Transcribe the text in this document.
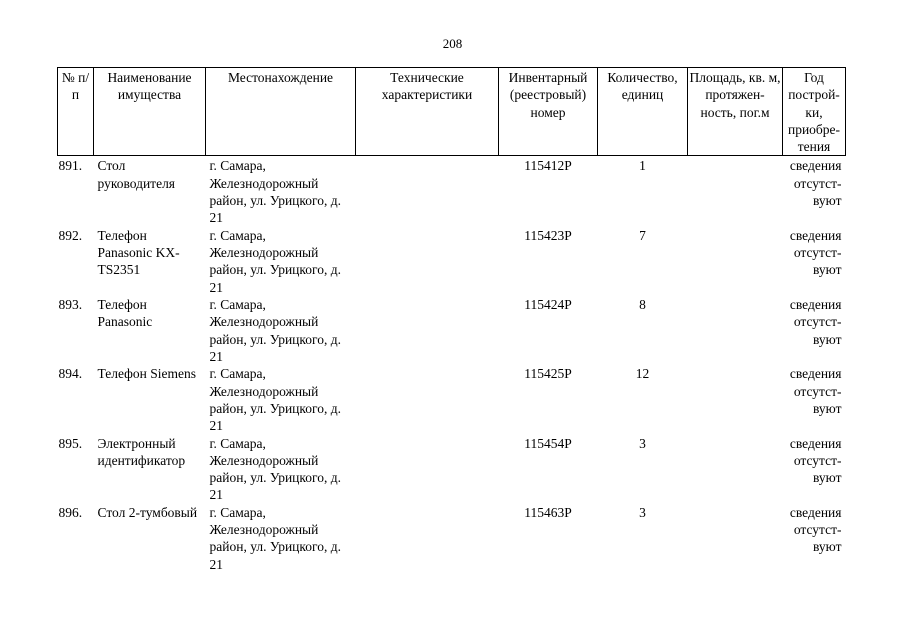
208
№ п/п	Наименование имущества	Местонахождение	Технические характеристики	Инвентарный (реестровый) номер	Количество, единиц	Площадь, кв. м, протяжен-ность, пог.м	Год построй-ки, приобре-тения
891.	Стол руководителя	г. Самара, Железнодорожный район, ул. Урицкого, д. 21		115412Р	1		сведения отсутст-вуют
892.	Телефон Panasonic KX-TS2351	г. Самара, Железнодорожный район, ул. Урицкого, д. 21		115423Р	7		сведения отсутст-вуют
893.	Телефон Panasonic	г. Самара, Железнодорожный район, ул. Урицкого, д. 21		115424Р	8		сведения отсутст-вуют
894.	Телефон Siemens	г. Самара, Железнодорожный район, ул. Урицкого, д. 21		115425Р	12		сведения отсутст-вуют
895.	Электронный идентификатор	г. Самара, Железнодорожный район, ул. Урицкого, д. 21		115454Р	3		сведения отсутст-вуют
896.	Стол 2-тумбовый	г. Самара, Железнодорожный район, ул. Урицкого, д. 21		115463Р	3		сведения отсутст-вуют
